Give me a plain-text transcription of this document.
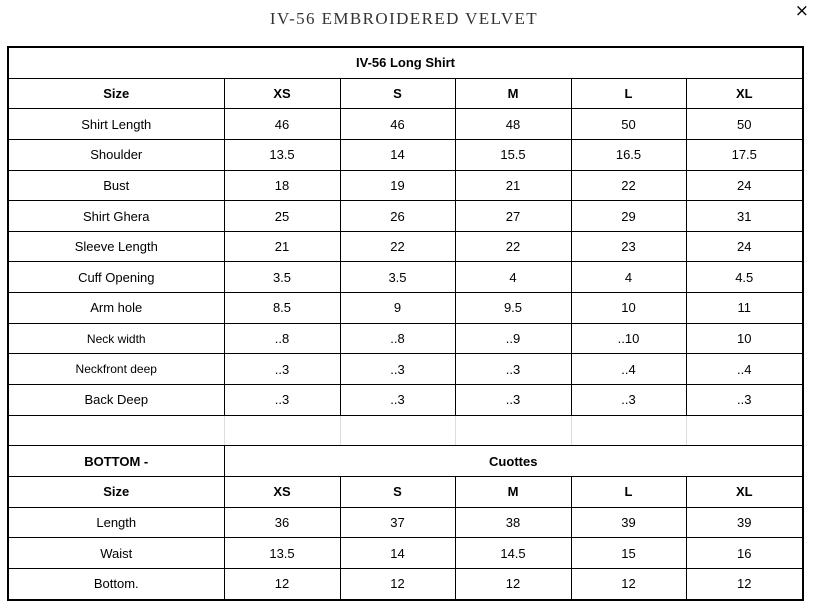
IV-56 EMBROIDERED VELVET	×
IV-56 Long Shirt					
Size	XS	S	M	L	XL
Shirt Length	46	46	48	50	50
Shoulder	13.5	14	15.5	16.5	17.5
Bust	18	19	21	22	24
Shirt Ghera	25	26	27	29	31
Sleeve Length	21	22	22	23	24
Cuff Opening	3.5	3.5	4	4	4.5
Arm hole	8.5	9	9.5	10	11
Neck width	..8	..8	..9	..10	10
Neckfront deep	..3	..3	..3	..4	..4
Back Deep	..3	..3	..3	..3	..3

BOTTOM -	Cuottes				
Size	XS	S	M	L	XL
Length	36	37	38	39	39
Waist	13.5	14	14.5	15	16
Bottom.	12	12	12	12	12
